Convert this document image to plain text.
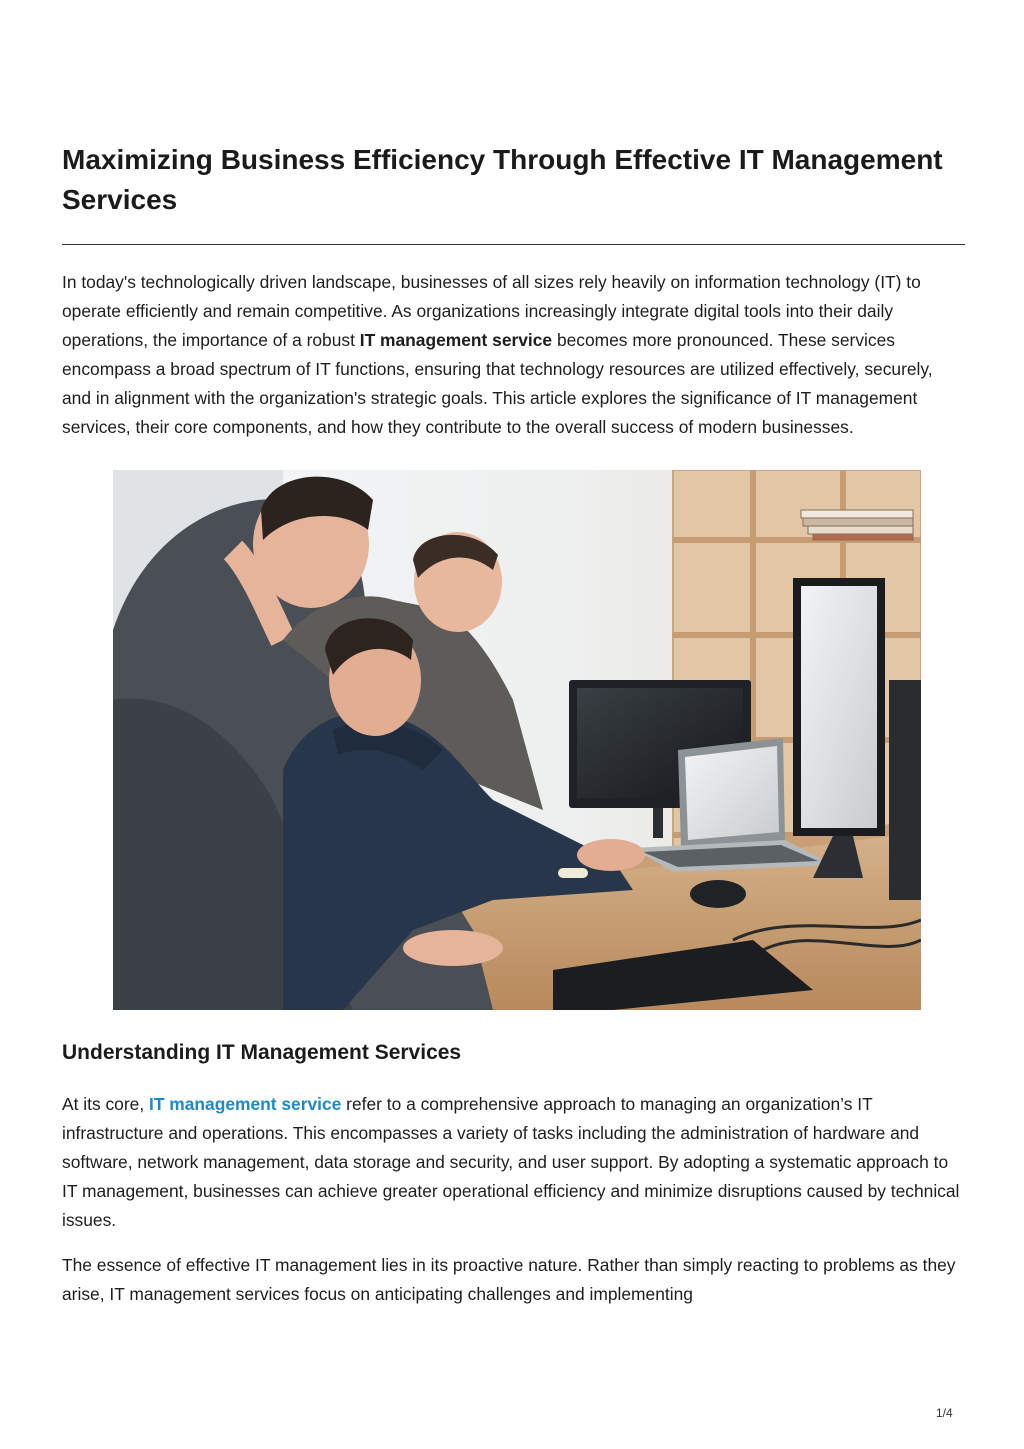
Maximizing Business Efficiency Through Effective IT Management Services

In today's technologically driven landscape, businesses of all sizes rely heavily on information technology (IT) to operate efficiently and remain competitive. As organizations increasingly integrate digital tools into their daily operations, the importance of a robust IT management service becomes more pronounced. These services encompass a broad spectrum of IT functions, ensuring that technology resources are utilized effectively, securely, and in alignment with the organization's strategic goals. This article explores the significance of IT management services, their core components, and how they contribute to the overall success of modern businesses.

Understanding IT Management Services

At its core, IT management service refer to a comprehensive approach to managing an organization’s IT infrastructure and operations. This encompasses a variety of tasks including the administration of hardware and software, network management, data storage and security, and user support. By adopting a systematic approach to IT management, businesses can achieve greater operational efficiency and minimize disruptions caused by technical issues.

The essence of effective IT management lies in its proactive nature. Rather than simply reacting to problems as they arise, IT management services focus on anticipating challenges and implementing

1/4
